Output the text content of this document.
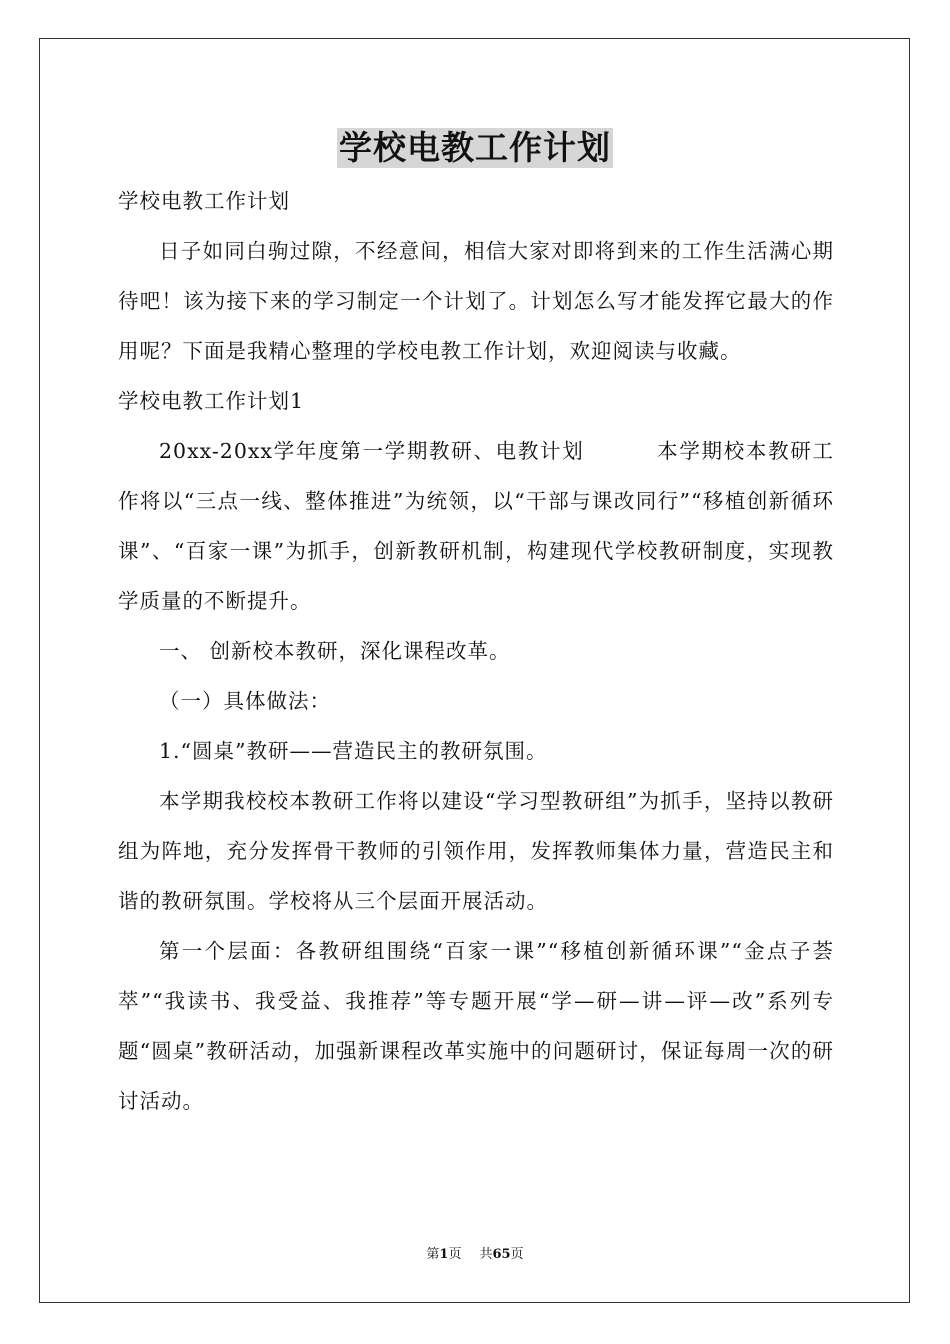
学校电教工作计划

学校电教工作计划

日子如同白驹过隙，不经意间，相信大家对即将到来的工作生活满心期待吧！该为接下来的学习制定一个计划了。计划怎么写才能发挥它最大的作用呢？下面是我精心整理的学校电教工作计划，欢迎阅读与收藏。

学校电教工作计划1

20xx-20xx学年度第一学期教研、电教计划	本学期校本教研工作将以“三点一线、整体推进”为统领，以“干部与课改同行”“移植创新循环课”、“百家一课”为抓手，创新教研机制，构建现代学校教研制度，实现教学质量的不断提升。

一、 创新校本教研，深化课程改革。

（一）具体做法：

1.“圆桌”教研——营造民主的教研氛围。

本学期我校校本教研工作将以建设“学习型教研组”为抓手，坚持以教研组为阵地，充分发挥骨干教师的引领作用，发挥教师集体力量，营造民主和谐的教研氛围。学校将从三个层面开展活动。

第一个层面：各教研组围绕“百家一课”“移植创新循环课”“金点子荟萃”“我读书、我受益、我推荐”等专题开展“学—研—讲—评—改”系列专题“圆桌”教研活动，加强新课程改革实施中的问题研讨，保证每周一次的研讨活动。

第1页 共65页
